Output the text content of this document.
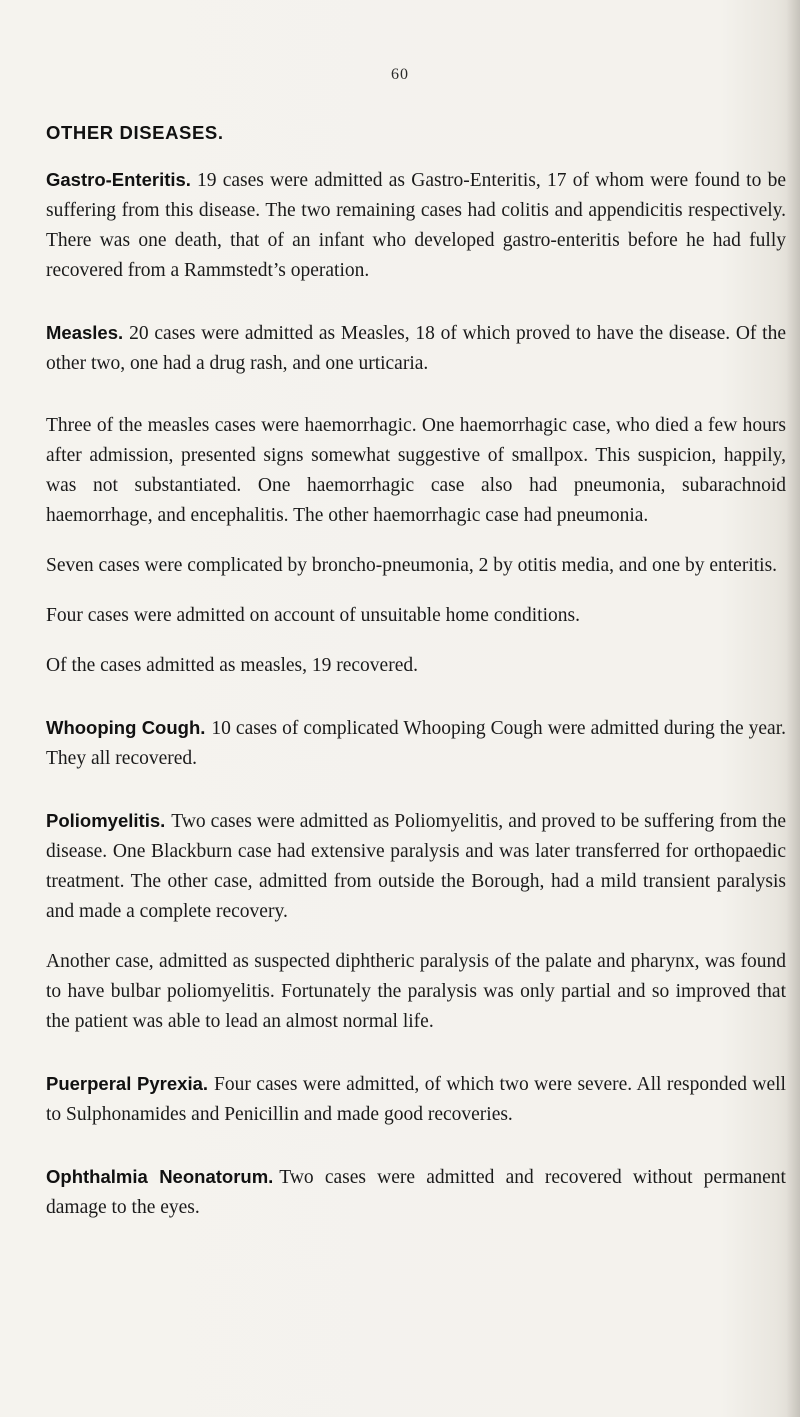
60
OTHER DISEASES.

Gastro-Enteritis. 19 cases were admitted as Gastro-Enteritis, 17 of whom were found to be suffering from this disease. The two remaining cases had colitis and appendicitis respectively. There was one death, that of an infant who developed gastro-enteritis before he had fully recovered from a Rammstedt’s operation.

Measles. 20 cases were admitted as Measles, 18 of which proved to have the disease. Of the other two, one had a drug rash, and one urticaria.

Three of the measles cases were haemorrhagic. One haemorrhagic case, who died a few hours after admission, presented signs somewhat suggestive of smallpox. This suspicion, happily, was not substantiated. One haemorrhagic case also had pneumonia, subarachnoid haemorrhage, and encephalitis. The other haemorrhagic case had pneumonia.

Seven cases were complicated by broncho-pneumonia, 2 by otitis media, and one by enteritis.

Four cases were admitted on account of unsuitable home conditions.

Of the cases admitted as measles, 19 recovered.

Whooping Cough. 10 cases of complicated Whooping Cough were admitted during the year. They all recovered.

Poliomyelitis. Two cases were admitted as Poliomyelitis, and proved to be suffering from the disease. One Blackburn case had extensive paralysis and was later transferred for orthopaedic treatment. The other case, admitted from outside the Borough, had a mild transient paralysis and made a complete recovery.

Another case, admitted as suspected diphtheric paralysis of the palate and pharynx, was found to have bulbar poliomyelitis. Fortunately the paralysis was only partial and so improved that the patient was able to lead an almost normal life.

Puerperal Pyrexia. Four cases were admitted, of which two were severe. All responded well to Sulphonamides and Penicillin and made good recoveries.

Ophthalmia Neonatorum. Two cases were admitted and recovered without permanent damage to the eyes.
